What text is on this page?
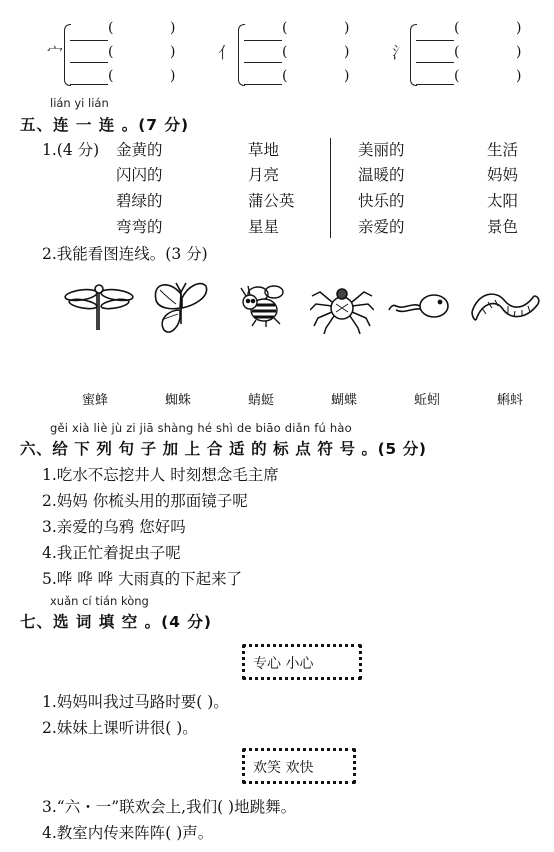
宀
(	)
(	)
(	)
亻
(	)
(	)
(	)
氵
(	)
(	)
(	)
lián yi lián
五、连 一 连 。(7 分)
1.(4 分) 金黄的
闪闪的
碧绿的
弯弯的
草地
月亮
蒲公英
星星
美丽的
温暖的
快乐的
亲爱的
生活
妈妈
太阳
景色
2.我能看图连线。(3 分)
蜜蜂	蜘蛛	蜻蜓	蝴蝶	蚯蚓	蝌蚪
gěi xià liè jù zi jiā shàng hé shì de biāo diǎn fú hào
六、给 下 列 句 子 加 上 合 适 的 标 点 符 号 。(5 分)
1.吃水不忘挖井人 时刻想念毛主席
2.妈妈 你梳头用的那面镜子呢
3.亲爱的乌鸦 您好吗
4.我正忙着捉虫子呢
5.哗 哗 哗 大雨真的下起来了
xuǎn cí tián kòng
七、选 词 填 空 。(4 分)
专心 小心
1.妈妈叫我过马路时要( )。
2.妹妹上课听讲很( )。
欢笑 欢快
3.“六・一”联欢会上,我们( )地跳舞。
4.教室内传来阵阵( )声。
